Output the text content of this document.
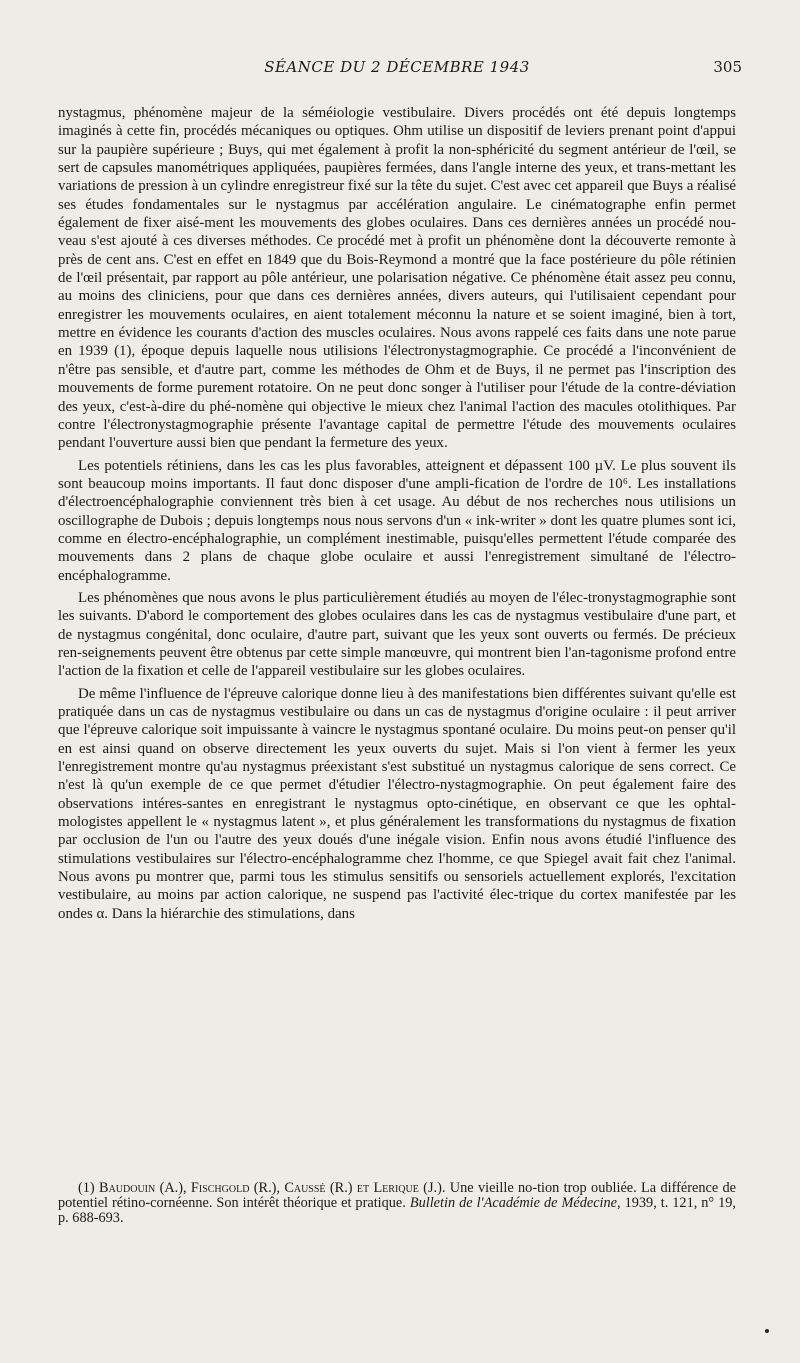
SÉANCE DU 2 DÉCEMBRE 1943	305

nystagmus, phénomène majeur de la séméiologie vestibulaire. Divers procédés ont été depuis longtemps imaginés à cette fin, procédés mécaniques ou optiques. Ohm utilise un dispositif de leviers prenant point d'appui sur la paupière supérieure ; Buys, qui met également à profit la non-sphéricité du segment antérieur de l'œil, se sert de capsules manométriques appliquées, paupières fermées, dans l'angle interne des yeux, et trans-mettant les variations de pression à un cylindre enregistreur fixé sur la tête du sujet. C'est avec cet appareil que Buys a réalisé ses études fondamentales sur le nystagmus par accélération angulaire. Le cinématographe enfin permet également de fixer aisé-ment les mouvements des globes oculaires. Dans ces dernières années un procédé nou-veau s'est ajouté à ces diverses méthodes. Ce procédé met à profit un phénomène dont la découverte remonte à près de cent ans. C'est en effet en 1849 que du Bois-Reymond a montré que la face postérieure du pôle rétinien de l'œil présentait, par rapport au pôle antérieur, une polarisation négative. Ce phénomène était assez peu connu, au moins des cliniciens, pour que dans ces dernières années, divers auteurs, qui l'utilisaient cependant pour enregistrer les mouvements oculaires, en aient totalement méconnu la nature et se soient imaginé, bien à tort, mettre en évidence les courants d'action des muscles oculaires. Nous avons rappelé ces faits dans une note parue en 1939 (1), époque depuis laquelle nous utilisions l'électronystagmographie. Ce procédé a l'inconvénient de n'être pas sensible, et d'autre part, comme les méthodes de Ohm et de Buys, il ne permet pas l'inscription des mouvements de forme purement rotatoire. On ne peut donc songer à l'utiliser pour l'étude de la contre-déviation des yeux, c'est-à-dire du phé-nomène qui objective le mieux chez l'animal l'action des macules otolithiques. Par contre l'électronystagmographie présente l'avantage capital de permettre l'étude des mouvements oculaires pendant l'ouverture aussi bien que pendant la fermeture des yeux.

Les potentiels rétiniens, dans les cas les plus favorables, atteignent et dépassent 100 µV. Le plus souvent ils sont beaucoup moins importants. Il faut donc disposer d'une ampli-fication de l'ordre de 10⁶. Les installations d'électroencéphalographie conviennent très bien à cet usage. Au début de nos recherches nous utilisions un oscillographe de Dubois ; depuis longtemps nous nous servons d'un « ink-writer » dont les quatre plumes sont ici, comme en électro-encéphalographie, un complément inestimable, puisqu'elles permettent l'étude comparée des mouvements dans 2 plans de chaque globe oculaire et aussi l'enregistrement simultané de l'électro-encéphalogramme.

Les phénomènes que nous avons le plus particulièrement étudiés au moyen de l'élec-tronystagmographie sont les suivants. D'abord le comportement des globes oculaires dans les cas de nystagmus vestibulaire d'une part, et de nystagmus congénital, donc oculaire, d'autre part, suivant que les yeux sont ouverts ou fermés. De précieux ren-seignements peuvent être obtenus par cette simple manœuvre, qui montrent bien l'an-tagonisme profond entre l'action de la fixation et celle de l'appareil vestibulaire sur les globes oculaires.

De même l'influence de l'épreuve calorique donne lieu à des manifestations bien différentes suivant qu'elle est pratiquée dans un cas de nystagmus vestibulaire ou dans un cas de nystagmus d'origine oculaire : il peut arriver que l'épreuve calorique soit impuissante à vaincre le nystagmus spontané oculaire. Du moins peut-on penser qu'il en est ainsi quand on observe directement les yeux ouverts du sujet. Mais si l'on vient à fermer les yeux l'enregistrement montre qu'au nystagmus préexistant s'est substitué un nystagmus calorique de sens correct. Ce n'est là qu'un exemple de ce que permet d'étudier l'électro-nystagmographie. On peut également faire des observations intéres-santes en enregistrant le nystagmus opto-cinétique, en observant ce que les ophtal-mologistes appellent le « nystagmus latent », et plus généralement les transformations du nystagmus de fixation par occlusion de l'un ou l'autre des yeux doués d'une inégale vision. Enfin nous avons étudié l'influence des stimulations vestibulaires sur l'électro-encéphalogramme chez l'homme, ce que Spiegel avait fait chez l'animal. Nous avons pu montrer que, parmi tous les stimulus sensitifs ou sensoriels actuellement explorés, l'excitation vestibulaire, au moins par action calorique, ne suspend pas l'activité élec-trique du cortex manifestée par les ondes α. Dans la hiérarchie des stimulations, dans

(1) Baudouin (A.), Fischgold (R.), Caussé (R.) et Lerique (J.). Une vieille no-tion trop oubliée. La différence de potentiel rétino-cornéenne. Son intérêt théorique et pratique. Bulletin de l'Académie de Médecine, 1939, t. 121, n° 19, p. 688-693.
